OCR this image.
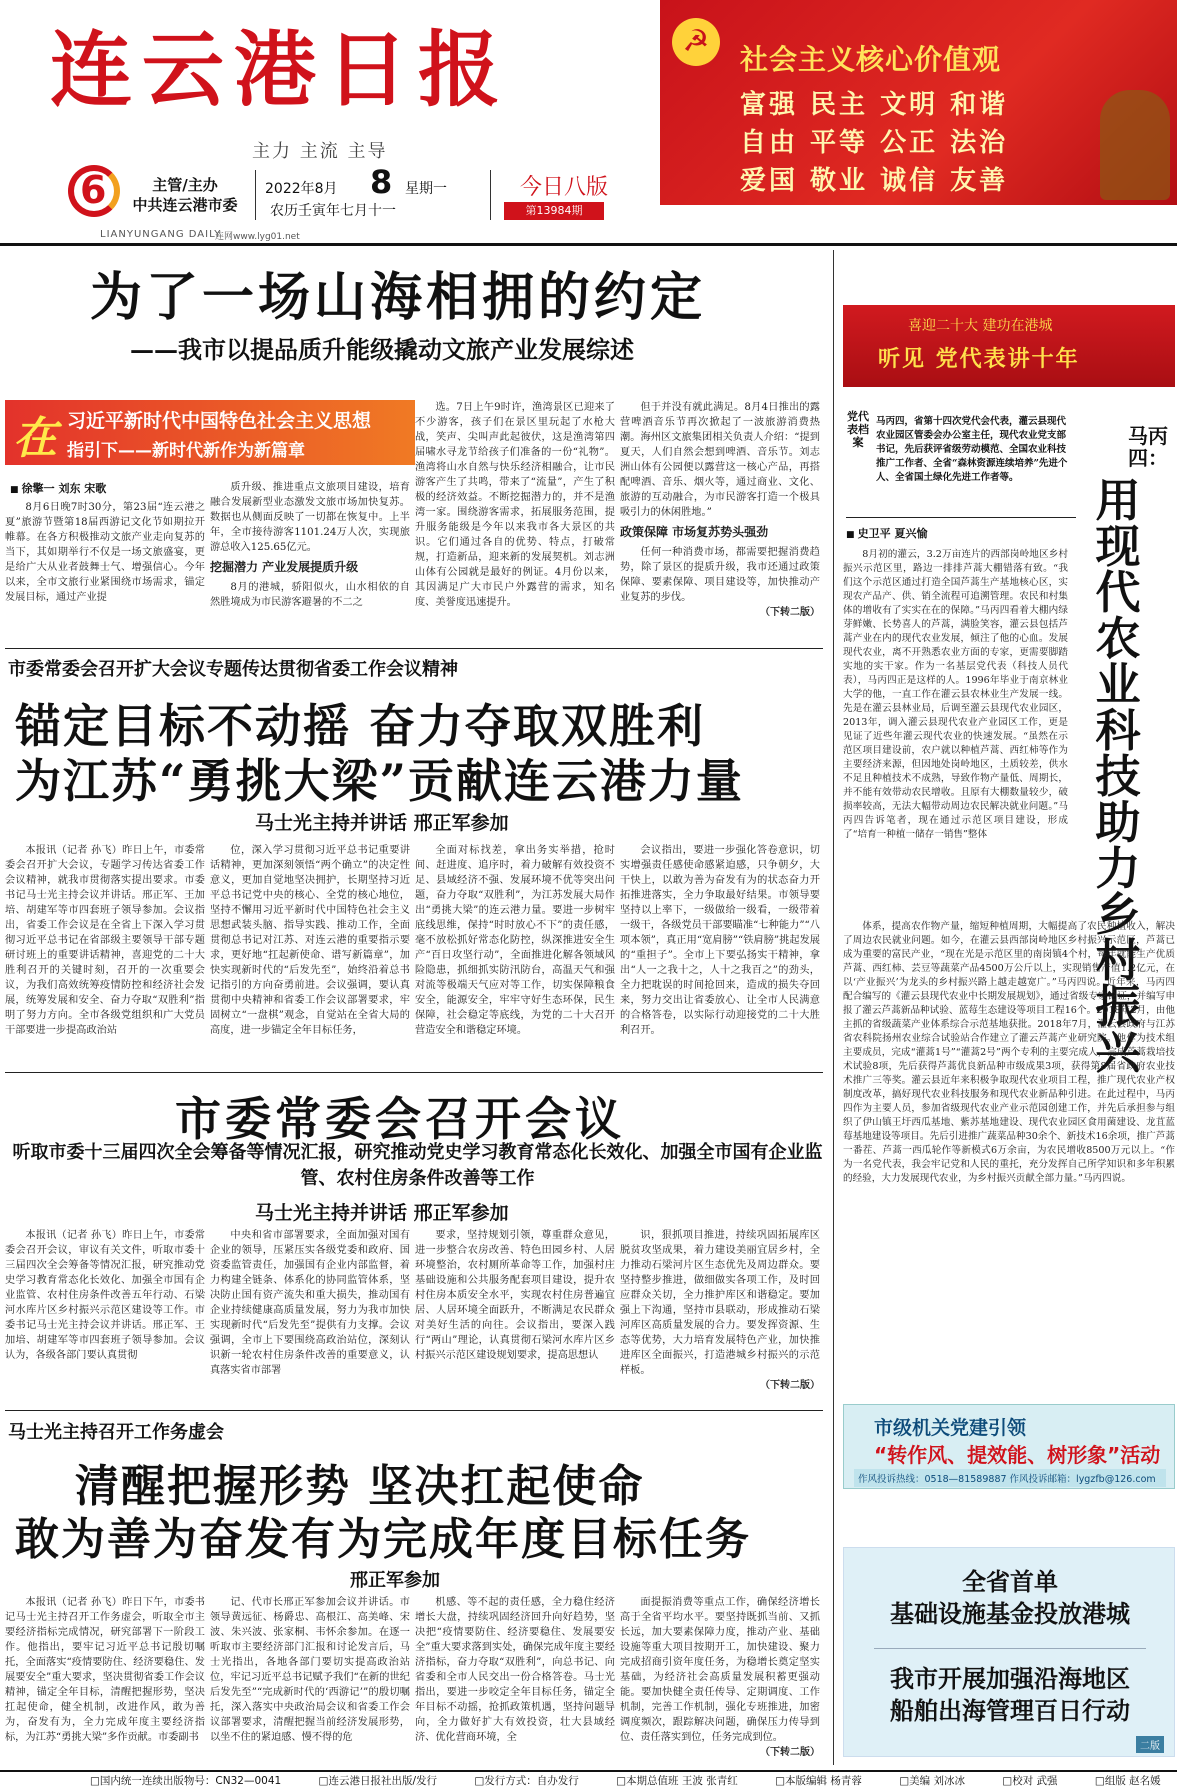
连云港日报
主力 主流 主导
6	主管/主办
中共连云港市委
2022年8月 8 星期一
农历壬寅年七月十一
今日八版
第13984期
LIANYUNGANG DAILY
连网www.lyg01.net
☭
社会主义核心价值观
富强 民主 文明 和谐
自由 平等 公正 法治
爱国 敬业 诚信 友善
为了一场山海相拥的约定
——我市以提品质升能级撬动文旅产业发展综述
在 习近平新时代中国特色社会主义思想
指引下——新时代新作为新篇章
■ 徐擎一 刘东 宋歌

8月6日晚7时30分，第23届“连云港之夏”旅游节暨第18届西游记文化节如期拉开帷幕。在各方积极推动文旅产业走向复苏的当下，其如期举行不仅是一场文旅盛宴，更是给广大从业者鼓舞士气、增强信心。今年以来，全市文旅行业紧围绕市场需求，锚定发展目标，通过产业提

质升级、推进重点文旅项目建设，培育融合发展新型业态激发文旅市场加快复苏。数据也从侧面反映了一切都在恢复中。上半年，全市接待游客1101.24万人次，实现旅游总收入125.65亿元。

挖掘潜力 产业发展提质升级

8月的港城，骄阳似火，山水相依的自然胜境成为市民游客避暑的不二之

选。7日上午9时许，渔湾景区已迎来了不少游客，孩子们在景区里玩起了水枪大战，笑声、尖叫声此起彼伏，这是渔湾第四届啸水寻龙节给孩子们准备的一份“礼物”。渔湾将山水自然与快乐经济相融合，让市民游客产生了共鸣，带来了“流量”，产生了积极的经济效益。不断挖掘潜力的，并不是渔湾一家。围绕游客需求，拓展服务范围，提升服务能级是今年以来我市各大景区的共识。它们通过各自的优势、特点，打破常规，打造新品，迎来新的发展契机。刘志洲山体有公园就是最好的例证。4月份以来，其因满足广大市民户外露营的需求，知名度、美誉度迅速提升。

但于并没有就此满足。8月4日推出的露营啤酒音乐节再次掀起了一波旅游消费热潮。海州区文旅集团相关负责人介绍：“提到夏天，人们自然会想到啤酒、音乐节。刘志洲山体有公园便以露营这一核心产品，再搭配啤酒、音乐、烟火等，通过商业、文化、旅游的互动融合，为市民游客打造一个极具吸引力的休闲胜地。”

政策保障 市场复苏势头强劲

任何一种消费市场，都需要把握消费趋势，除了景区的提质升级，我市还通过政策保障、要素保障、项目建设等，加快推动产业复苏的步伐。

（下转二版）
市委常委会召开扩大会议专题传达贯彻省委工作会议精神
锚定目标不动摇 奋力夺取双胜利
为江苏“勇挑大梁”贡献连云港力量
马士光主持并讲话 邢正军参加

本报讯（记者 孙飞）昨日上午，市委常委会召开扩大会议，专题学习传达省委工作会议精神，就我市贯彻落实提出要求。市委书记马士光主持会议并讲话。邢正军、王加培、胡建军等市四套班子领导参加。会议指出，省委工作会议是在全省上下深入学习贯彻习近平总书记在省部级主要领导干部专题研讨班上的重要讲话精神，喜迎党的二十大胜利召开的关键时刻，召开的一次重要会议，为我们高效统筹疫情防控和经济社会发展，统筹发展和安全、奋力夺取“双胜利”指明了努力方向。全市各级党组织和广大党员干部要进一步提高政治站

位，深入学习贯彻习近平总书记重要讲话精神，更加深刻领悟“两个确立”的决定性意义，更加自觉地坚决拥护，长期坚持习近平总书记党中央的核心、全党的核心地位，坚持不懈用习近平新时代中国特色社会主义思想武装头脑、指导实践、推动工作，全面贯彻总书记对江苏、对连云港的重要指示要求，更好地“扛起新使命、谱写新篇章”，加快实现新时代的“后发先至”，始终沿着总书记指引的方向奋勇前进。会议强调，要认真贯彻中央精神和省委工作会议部署要求，牢固树立“一盘棋”观念，自觉站在全省大局的高度，进一步锚定全年目标任务，

全面对标找差，拿出务实举措，抢时间、赶进度、追序时，着力破解有效投资不足、县域经济不强、发展环境不优等突出问题，奋力夺取“双胜利”，为江苏发展大局作出“勇挑大梁”的连云港力量。要进一步树牢底线思维，保持“时时放心不下”的责任感，毫不放松抓好常态化防控，纵深推进安全生产“百日攻坚行动”，全面推进化解各领域风险隐患，抓细抓实防汛防台，高温天气和强对流等极端天气应对等工作，切实保障粮食安全，能源安全，牢牢守好生态环保，民生保障，社会稳定等底线，为党的二十大召开营造安全和谐稳定环境。

会议指出，要进一步强化答卷意识，切实增强责任感使命感紧迫感，只争朝夕，大干快上，以敢为善为奋发有为的状态奋力开拓推进落实，全力争取最好结果。市领导要坚持以上率下，一级做给一级看，一级带着一级干，各级党员干部要瞄准“七种能力”“八项本领”，真正用“宽肩膀”“铁肩膀”挑起发展的“重担子”。全市上下要弘扬实干精神，拿出“人一之我十之，人十之我百之”的劲头，全力把耽误的时间抢回来，造成的损失夺回来，努力交出让省委放心、让全市人民满意的合格答卷，以实际行动迎接党的二十大胜利召开。

市委常委会召开会议
听取市委十三届四次全会筹备等情况汇报，研究推动党史学习教育常态化长效化、加强全市国有企业监管、农村住房条件改善等工作
马士光主持并讲话 邢正军参加

本报讯（记者 孙飞）昨日上午，市委常委会召开会议，审议有关文件，听取市委十三届四次全会筹备等情况汇报，研究推动党史学习教育常态化长效化、加强全市国有企业监管、农村住房条件改善五年行动、石梁河水库片区乡村振兴示范区建设等工作。市委书记马士光主持会议并讲话。邢正军、王加培、胡建军等市四套班子领导参加。会议认为，各级各部门要认真贯彻

中央和省市部署要求，全面加强对国有企业的领导，压紧压实各级党委和政府、国资委监管责任，加强国有企业内部监督，着力构建全链条、体系化的协同监管体系，坚决防止国有资产流失和重大损失，推动国有企业持续健康高质量发展，努力为我市加快实现新时代“后发先至”提供有力支撑。会议强调，全市上下要围绕高政治站位，深刻认识新一轮农村住房条件改善的重要意义，认真落实省市部署

要求，坚持规划引领，尊重群众意见，进一步整合农房改善、特色田园乡村、人居环境整治，农村厕所革命等工作，加强村庄基础设施和公共服务配套项目建设，提升农村住房本质安全水平，实现农村住房普遍宜居、人居环境全面跃升，不断满足农民群众对美好生活的向往。会议指出，要深入践行“两山”理论，认真贯彻石梁河水库片区乡村振兴示范区建设规划要求，提高思想认

识，狠抓项目推进，持续巩固拓展库区脱贫攻坚成果，着力建设美丽宜居乡村，全力推动石梁河片区生态优先及周边群众。要坚持整步推进，做细做实各项工作，及时回应群众关切，全力推护库区和谐稳定。要加强上下沟通，坚持市县联动，形成推动石梁河库区高质量发展的合力。要发挥资源、生态等优势，大力培育发展特色产业，加快推进库区全面振兴，打造港城乡村振兴的示范样板。

（下转二版）
马士光主持召开工作务虚会
清醒把握形势 坚决扛起使命
敢为善为奋发有为完成年度目标任务
邢正军参加

本报讯（记者 孙飞）昨日下午，市委书记马士光主持召开工作务虚会，听取全市主要经济指标完成情况，研究部署下一阶段工作。他指出，要牢记习近平总书记殷切嘱托，全面落实“疫情要防住、经济要稳住、发展要安全”重大要求，坚决贯彻省委工作会议精神，锚定全年目标，清醒把握形势，坚决扛起使命，健全机制，改进作风，敢为善为，奋发有为，全力完成年度主要经济指标，为江苏“勇挑大梁”多作贡献。市委副书

记、代市长邢正军参加会议并讲话。市领导黄远征、杨爵忠、高根江、高美峰、宋波、朱兴波、张家桐、韦怀余参加。在逐一听取市主要经济部门汇报和讨论发言后，马士光指出，各地各部门要切实提高政治站位，牢记习近平总书记赋予我们“在新的世纪后发先至”“完成新时代的‘西游记’”的殷切嘱托，深入落实中央政治局会议和省委工作会议部署要求，清醒把握当前经济发展形势，以坐不住的紧迫感、慢不得的危

机感、等不起的责任感，全力稳住经济增长大盘，持续巩固经济回升向好趋势，坚决把“疫情要防住、经济要稳住、发展要安全”重大要求落到实处，确保完成年度主要经济指标，奋力夺取“双胜利”，向总书记、向省委和全市人民交出一份合格答卷。马士光指出，要进一步咬定全年目标任务，锚定全年目标不动摇，抢抓政策机遇，坚持问题导向，全力做好扩大有效投资，壮大县域经济、优化营商环境，全

面提振消费等重点工作，确保经济增长高于全省平均水平。要坚持既抓当前、又抓长远，加大要素保障力度，推动产业、基础设施等重大项目按期开工，加快建设、聚力完成招商引资年度任务，为稳增长奠定坚实基础，为经济社会高质量发展积蓄更强动能。要加快健全责任传导、定期调度、工作机制，完善工作机制，强化专班推进，加密调度频次，跟踪解决问题，确保压力传导到位、责任落实到位，任务完成到位。

（下转二版）
喜迎二十大 建功在港城
听见 党代表讲十年
党代表档案
马丙四，省第十四次党代会代表，灌云县现代农业园区管委会办公室主任，现代农业党支部书记，先后获评省级劳动模范、全国农业科技推广工作者、全省“森林资源连续培养”先进个人、全省国土绿化先进工作者等。
马丙四：
用现代农业科技助力乡村振兴
■ 史卫平 夏兴愉

8月初的灌云，3.2万亩连片的西部岗岭地区乡村振兴示范区里，路边一排排芦蒿大棚错落有致。“我们这个示范区通过打造全国芦蒿生产基地核心区，实现农产品产、供、销全流程可追溯管理。农民和村集体的增收有了实实在在的保障。”马丙四看着大棚内绿芽鲜嫩、长势喜人的芦蒿，满脸笑容，灌云县包括芦蒿产业在内的现代农业发展，倾注了他的心血。发展现代农业，离不开熟悉农业方面的专家，更需要脚踏实地的实干家。作为一名基层党代表（科技人员代表），马丙四正是这样的人。1996年毕业于南京林业大学的他，一直工作在灌云县农林业生产发展一线。先是在灌云县林业局，后调至灌云县现代农业园区，2013年，调入灌云县现代农业产业园区工作，更是见证了近些年灌云现代农业的快速发展。“虽然在示范区项目建设前，农户就以种植芦蒿、西红柿等作为主要经济来源，但因地处岗岭地区，土质较差，供水不足且种植技术不成熟，导致作物产量低、周期长，并不能有效带动农民增收。且原有大棚数量较少，破损率较高，无法大幅带动周边农民解决就业问题。”马丙四告诉笔者，现在通过示范区项目建设，形成了“培育一种植一储存一销售”整体

体系，提高农作物产量，缩短种植周期，大幅提高了农民种植收入，解决了周边农民就业问题。如今，在灌云县西部岗岭地区乡村振兴示范区，芦蒿已成为重要的富民产业，“现在光是示范区里的南岗镇4个村，每年就能生产优质芦蒿、西红柿、芸豆等蔬菜产品4500万公斤以上，实现销售产值1.2亿元，在以‘产业振兴’为龙头的乡村振兴路上越走越宽广。”马丙四说。近年来，马丙四配合编写的《灌云县现代农业中长期发展规划》，通过省级专家论证，并编写申报了灌云芦蒿新品种试验、蓝莓生态建设等项目工程16个。2018年2月，由他主抓的省级蔬菜产业体系综合示范基地获批。2018年7月，灌云县政府与江苏省农科院扬州农业综合试验站合作建立了灌云芦蒿产业研究院。他作为技术组主要成员，完成“灌蒿1号”“灌蒿2号”两个专利的主要完成人，完成芦蒿栽培技术试验8项，先后获得芦蒿优良新品种市级成果3项，获得第8届省政府农业技术推广三等奖。灌云县近年来积极争取现代农业项目工程，推广现代农业产权制度改革，搞好现代农业科技服务和现代农业新品种引进。在此过程中，马丙四作为主要人员，参加省级现代农业产业示范园创建工作，并先后承担参与组织了伊山镇王圩西瓜基地、紫苏基地建设、现代农业园区食用菌建设、龙苴蓝莓基地建设等项目。先后引进推广蔬菜品种30余个、新技术16余项，推广芦蒿一番茬、芦蒿一西瓜轮作等新模式6万余亩，为农民增收8500万元以上。“作为一名党代表，我会牢记党和人民的重托，充分发挥自己所学知识和多年积累的经验，大力发展现代农业，为乡村振兴贡献全部力量。”马丙四说。

市级机关党建引领
“转作风、提效能、树形象”活动
作风投诉热线：0518—81589887 作风投诉邮箱：lygzfb@126.com
全省首单
基础设施基金投放港城
我市开展加强沿海地区
船舶出海管理百日行动
二版
□国内统一连续出版物号：CN32—0041	□连云港日报社出版/发行	□发行方式：自办发行	□本期总值班 王波 张青红	□本版编辑 杨青蓉	□美编 刘冰冰	□校对 武强	□组版 赵名媛
